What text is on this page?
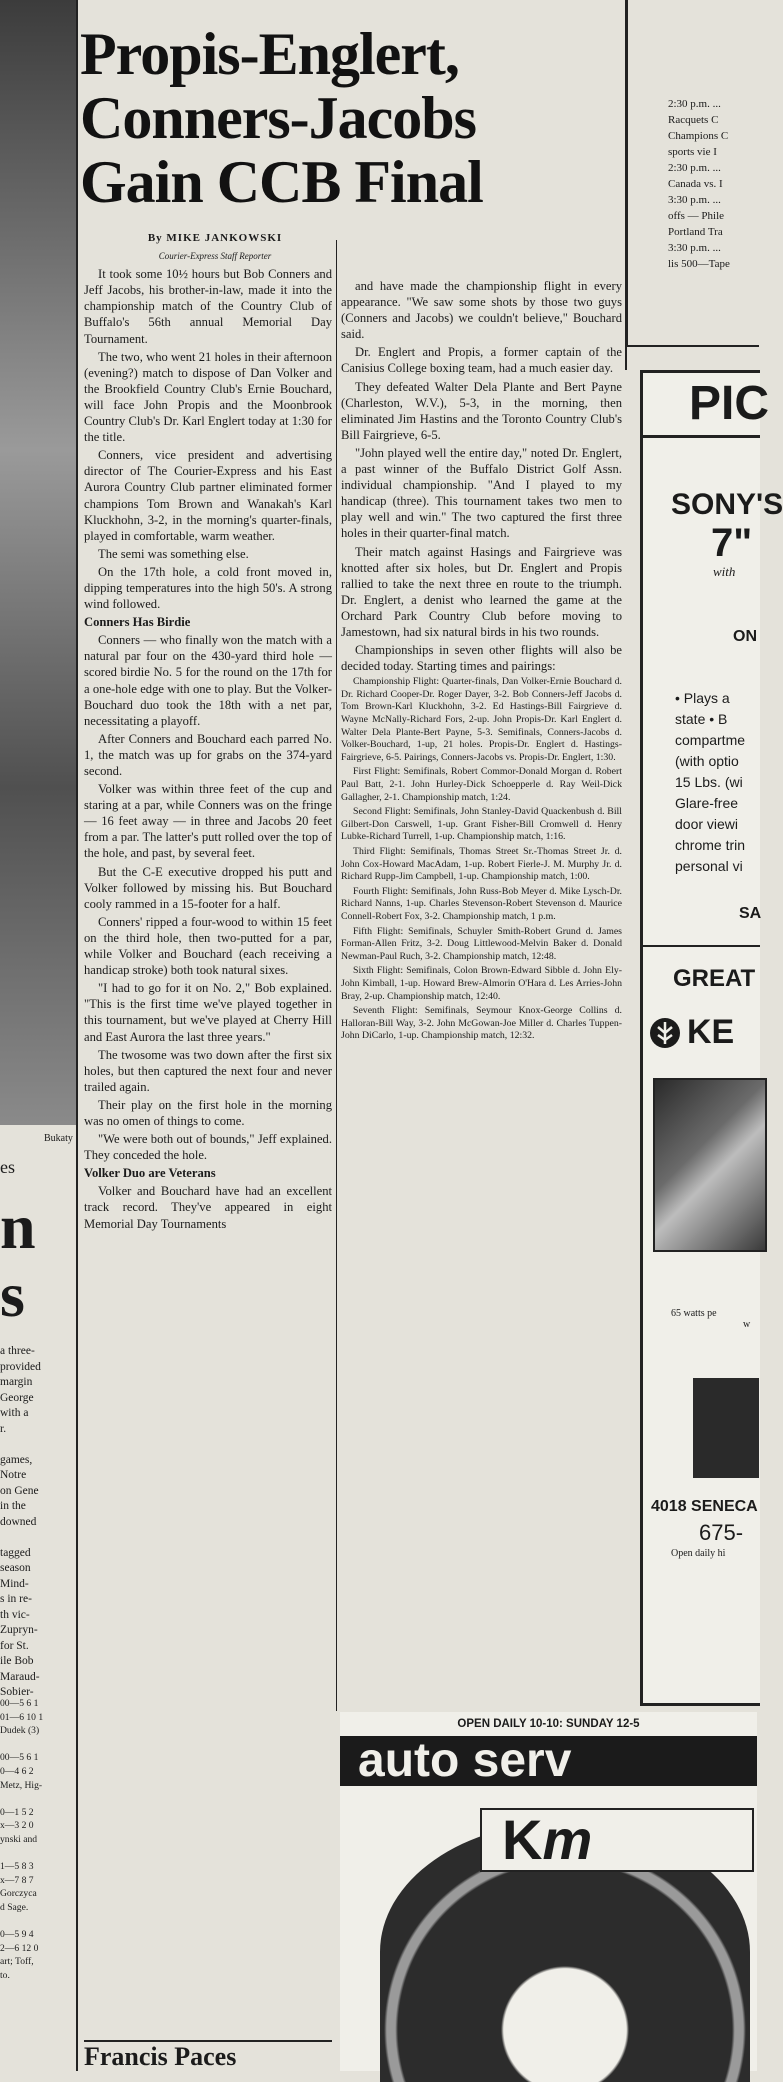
Bukaty
es
n
s
a three-
provided
margin
George
with a
r.

games,
Notre
on Gene
in the
downed

tagged
season
Mind-
s in re-
th vic-
Zupryn-
for St.
ile Bob
Maraud-
Sobier-
00—5 6 1
01—6 10 1
Dudek (3)

00—5 6 1
0—4 6 2
Metz, Hig-

0—1 5 2
x—3 2 0
ynski and

1—5 8 3
x—7 8 7
Gorczyca
d Sage.

0—5 9 4
2—6 12 0
art; Toff,
to.
Propis-Englert,
Conners-Jacobs
Gain CCB Final

By MIKE JANKOWSKI

Courier-Express Staff Reporter

It took some 10½ hours but Bob Conners and Jeff Jacobs, his brother-in-law, made it into the championship match of the Country Club of Buffalo's 56th annual Memorial Day Tournament.

The two, who went 21 holes in their afternoon (evening?) match to dispose of Dan Volker and the Brookfield Country Club's Ernie Bouchard, will face John Propis and the Moonbrook Country Club's Dr. Karl Englert today at 1:30 for the title.

Conners, vice president and advertising director of The Courier-Express and his East Aurora Country Club partner eliminated former champions Tom Brown and Wanakah's Karl Kluckhohn, 3-2, in the morning's quarter-finals, played in comfortable, warm weather.

The semi was something else.

On the 17th hole, a cold front moved in, dipping temperatures into the high 50's. A strong wind followed.

Conners Has Birdie

Conners — who finally won the match with a natural par four on the 430-yard third hole — scored birdie No. 5 for the round on the 17th for a one-hole edge with one to play. But the Volker-Bouchard duo took the 18th with a net par, necessitating a playoff.

After Conners and Bouchard each parred No. 1, the match was up for grabs on the 374-yard second.

Volker was within three feet of the cup and staring at a par, while Conners was on the fringe — 16 feet away — in three and Jacobs 20 feet from a par. The latter's putt rolled over the top of the hole, and past, by several feet.

But the C-E executive dropped his putt and Volker followed by missing his. But Bouchard cooly rammed in a 15-footer for a half.

Conners' ripped a four-wood to within 15 feet on the third hole, then two-putted for a par, while Volker and Bouchard (each receiving a handicap stroke) both took natural sixes.

"I had to go for it on No. 2," Bob explained. "This is the first time we've played together in this tournament, but we've played at Cherry Hill and East Aurora the last three years."

The twosome was two down after the first six holes, but then captured the next four and never trailed again.

Their play on the first hole in the morning was no omen of things to come.

"We were both out of bounds," Jeff explained. They conceded the hole.

Volker Duo are Veterans

Volker and Bouchard have had an excellent track record. They've appeared in eight Memorial Day Tournaments

Francis Paces

and have made the championship flight in every appearance. "We saw some shots by those two guys (Conners and Jacobs) we couldn't believe," Bouchard said.

Dr. Englert and Propis, a former captain of the Canisius College boxing team, had a much easier day.

They defeated Walter Dela Plante and Bert Payne (Charleston, W.V.), 5-3, in the morning, then eliminated Jim Hastins and the Toronto Country Club's Bill Fairgrieve, 6-5.

"John played well the entire day," noted Dr. Englert, a past winner of the Buffalo District Golf Assn. individual championship. "And I played to my handicap (three). This tournament takes two men to play well and win." The two captured the first three holes in their quarter-final match.

Their match against Hasings and Fairgrieve was knotted after six holes, but Dr. Englert and Propis rallied to take the next three en route to the triumph. Dr. Englert, a denist who learned the game at the Orchard Park Country Club before moving to Jamestown, had six natural birds in his two rounds.

Championships in seven other flights will also be decided today. Starting times and pairings:

Championship Flight: Quarter-finals, Dan Volker-Ernie Bouchard d. Dr. Richard Cooper-Dr. Roger Dayer, 3-2. Bob Conners-Jeff Jacobs d. Tom Brown-Karl Kluckhohn, 3-2. Ed Hastings-Bill Fairgrieve d. Wayne McNally-Richard Fors, 2-up. John Propis-Dr. Karl Englert d. Walter Dela Plante-Bert Payne, 5-3. Semifinals, Conners-Jacobs d. Volker-Bouchard, 1-up, 21 holes. Propis-Dr. Englert d. Hastings-Fairgrieve, 6-5. Pairings, Conners-Jacobs vs. Propis-Dr. Englert, 1:30.

First Flight: Semifinals, Robert Commor-Donald Morgan d. Robert Paul Batt, 2-1. John Hurley-Dick Schoepperle d. Ray Weil-Dick Gallagher, 2-1. Championship match, 1:24.

Second Flight: Semifinals, John Stanley-David Quackenbush d. Bill Gilbert-Don Carswell, 1-up. Grant Fisher-Bill Cromwell d. Henry Lubke-Richard Turrell, 1-up. Championship match, 1:16.

Third Flight: Semifinals, Thomas Street Sr.-Thomas Street Jr. d. John Cox-Howard MacAdam, 1-up. Robert Fierle-J. M. Murphy Jr. d. Richard Rupp-Jim Campbell, 1-up. Championship match, 1:00.

Fourth Flight: Semifinals, John Russ-Bob Meyer d. Mike Lysch-Dr. Richard Nanns, 1-up. Charles Stevenson-Robert Stevenson d. Maurice Connell-Robert Fox, 3-2. Championship match, 1 p.m.

Fifth Flight: Semifinals, Schuyler Smith-Robert Grund d. James Forman-Allen Fritz, 3-2. Doug Littlewood-Melvin Baker d. Donald Newman-Paul Ruch, 3-2. Championship match, 12:48.

Sixth Flight: Semifinals, Colon Brown-Edward Sibble d. John Ely-John Kimball, 1-up. Howard Brew-Almorin O'Hara d. Les Arries-John Bray, 2-up. Championship match, 12:40.

Seventh Flight: Semifinals, Seymour Knox-George Collins d. Halloran-Bill Way, 3-2. John McGowan-Joe Miller d. Charles Tuppen-John DiCarlo, 1-up. Championship match, 12:32.

2:30 p.m. ...
Racquets C
Champions C
sports vie I
2:30 p.m. ...
Canada vs. I
3:30 p.m. ...
offs — Phile
Portland Tra
3:30 p.m. ...
lis 500—Tape
PIC
SONY'S
7"
with
ON
• Plays a
state • B
compartme
(with optio
15 Lbs. (wi
Glare-free
door viewi
chrome trin
personal vi
SA
GREAT
KE
65 watts pe
w
4018 SENECA
675-
Open daily hi
OPEN DAILY 10-10: SUNDAY 12-5
auto serv
K m
